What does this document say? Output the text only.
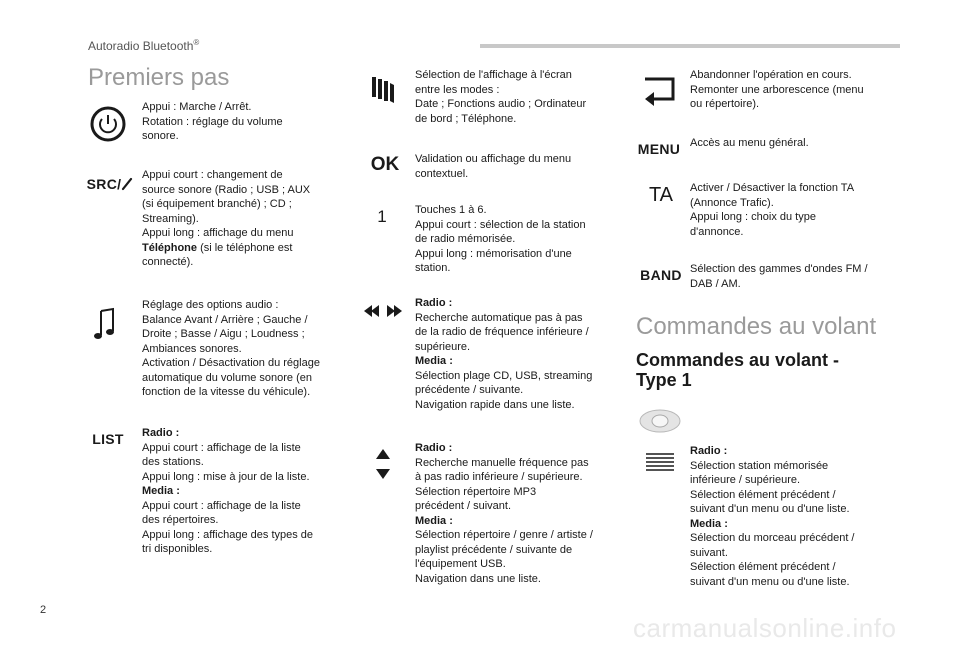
Autoradio Bluetooth®
Premiers pas
Appui : Marche / Arrêt.
Rotation : réglage du volume
sonore.
SRC/
Appui court : changement de
source sonore (Radio ; USB ; AUX
(si équipement branché) ; CD ;
Streaming).
Appui long : affichage du menu
Téléphone (si le téléphone est
connecté).
Réglage des options audio :
Balance Avant / Arrière ; Gauche /
Droite ; Basse / Aigu ; Loudness ;
Ambiances sonores.
Activation / Désactivation du réglage
automatique du volume sonore (en
fonction de la vitesse du véhicule).
LIST Radio :
Appui court : affichage de la liste
des stations.
Appui long : mise à jour de la liste.
Media :
Appui court : affichage de la liste
des répertoires.
Appui long : affichage des types de
tri disponibles.
Sélection de l'affichage à l'écran
entre les modes :
Date ; Fonctions audio ; Ordinateur
de bord ; Téléphone.
OK Validation ou affichage du menu
contextuel.
1	Touches 1 à 6.
Appui court : sélection de la station
de radio mémorisée.
Appui long : mémorisation d'une
station.
Radio :
Recherche automatique pas à pas
de la radio de fréquence inférieure /
supérieure.
Media :
Sélection plage CD, USB, streaming
précédente / suivante.
Navigation rapide dans une liste.
Radio :
Recherche manuelle fréquence pas
à pas radio inférieure / supérieure.
Sélection répertoire MP3
précédent / suivant.
Media :
Sélection répertoire / genre / artiste /
playlist précédente / suivante de
l'équipement USB.
Navigation dans une liste.
Abandonner l'opération en cours.
Remonter une arborescence (menu
ou répertoire).
MENU Accès au menu général.
TA Activer / Désactiver la fonction TA
(Annonce Trafic).
Appui long : choix du type
d'annonce.
BAND Sélection des gammes d'ondes FM /
DAB / AM.
Commandes au volant
Commandes au volant -
Type 1
Radio :
Sélection station mémorisée
inférieure / supérieure.
Sélection élément précédent /
suivant d'un menu ou d'une liste.
Media :
Sélection du morceau précédent /
suivant.
Sélection élément précédent /
suivant d'un menu ou d'une liste.
2
carmanualsonline.info
